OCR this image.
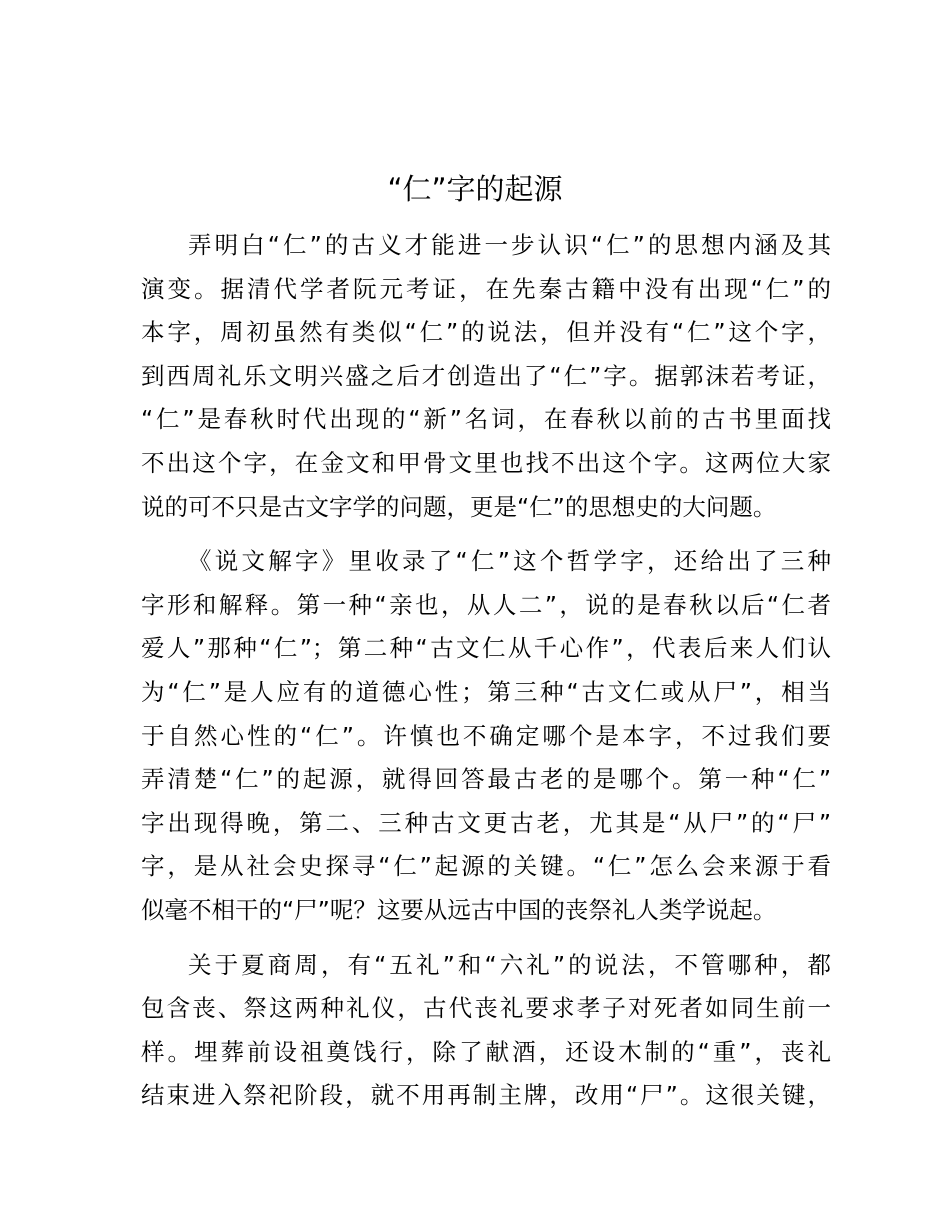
“仁”字的起源
弄明白“仁”的古义才能进一步认识“仁”的思想内涵及其
演变。据清代学者阮元考证，在先秦古籍中没有出现“仁”的
本字，周初虽然有类似“仁”的说法，但并没有“仁”这个字，
到西周礼乐文明兴盛之后才创造出了“仁”字。据郭沫若考证，
“仁”是春秋时代出现的“新”名词，在春秋以前的古书里面找
不出这个字，在金文和甲骨文里也找不出这个字。这两位大家
说的可不只是古文字学的问题，更是“仁”的思想史的大问题。
《说文解字》里收录了“仁”这个哲学字，还给出了三种
字形和解释。第一种“亲也，从人二”，说的是春秋以后“仁者
爱人”那种“仁”；第二种“古文仁从千心作”，代表后来人们认
为“仁”是人应有的道德心性；第三种“古文仁或从尸”，相当
于自然心性的“仁”。许慎也不确定哪个是本字，不过我们要
弄清楚“仁”的起源，就得回答最古老的是哪个。第一种“仁”
字出现得晚，第二、三种古文更古老，尤其是“从尸”的“尸”
字，是从社会史探寻“仁”起源的关键。“仁”怎么会来源于看
似毫不相干的“尸”呢？这要从远古中国的丧祭礼人类学说起。
关于夏商周，有“五礼”和“六礼”的说法，不管哪种，都
包含丧、祭这两种礼仪，古代丧礼要求孝子对死者如同生前一
样。埋葬前设祖奠饯行，除了献酒，还设木制的“重”，丧礼
结束进入祭祀阶段，就不用再制主牌，改用“尸”。这很关键，
